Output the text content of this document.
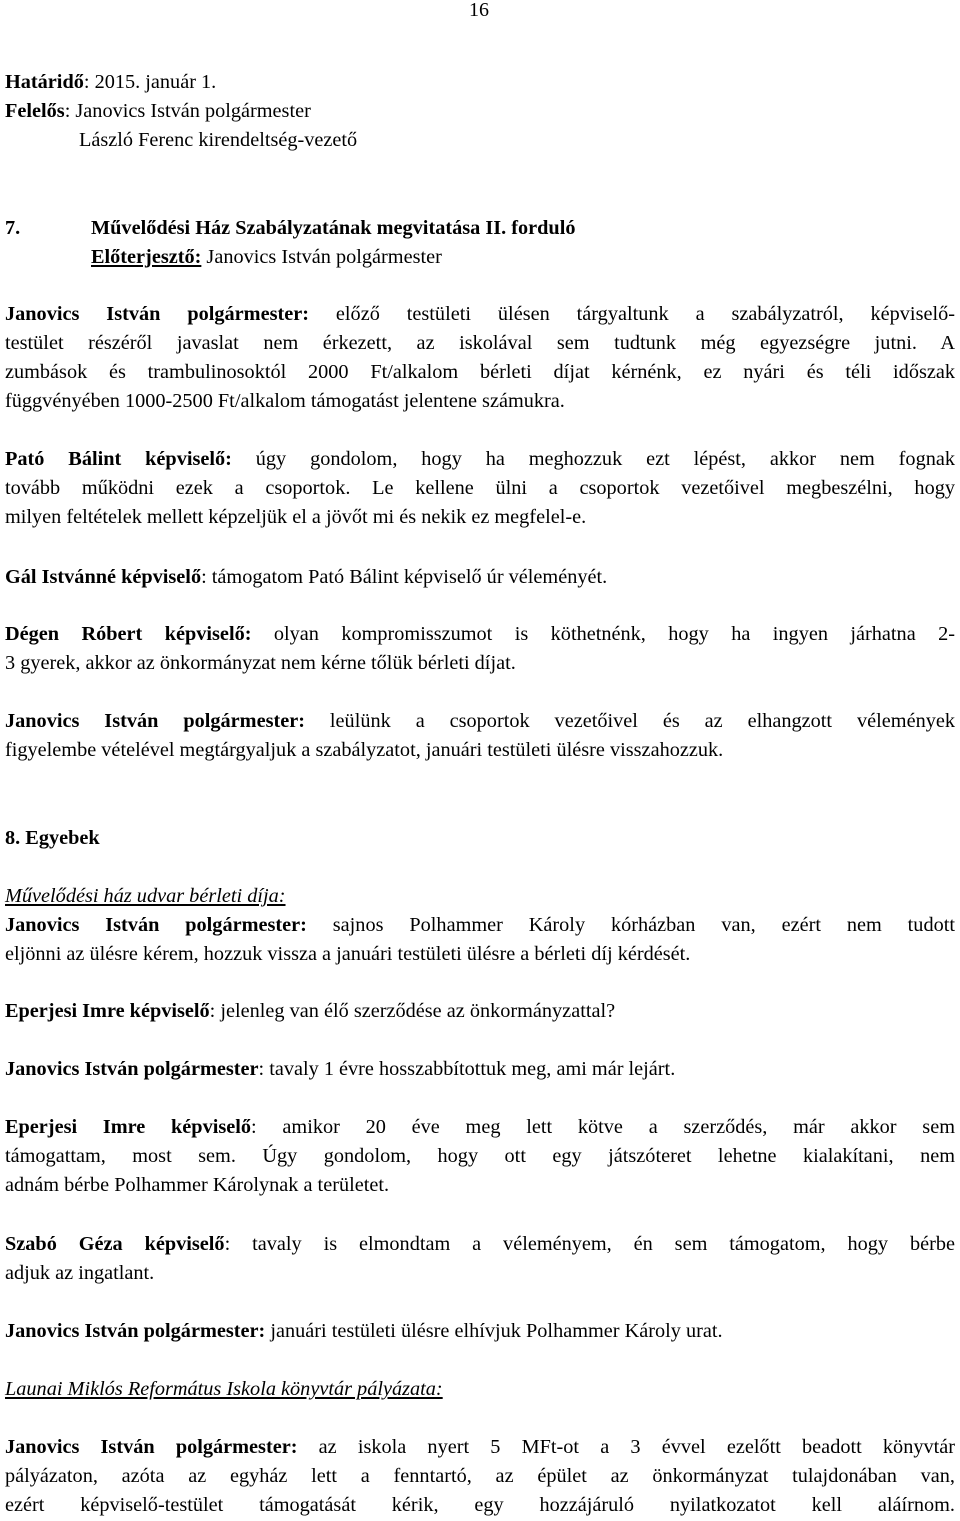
16
Határidő: 2015. január 1.
Felelős: Janovics István polgármester
László Ferenc kirendeltség-vezető
7.	Művelődési Ház Szabályzatának megvitatása II. forduló
Előterjesztő: Janovics István polgármester
Janovics István polgármester: előző testületi ülésen tárgyaltunk a szabályzatról, képviselő-
testület részéről javaslat nem érkezett, az iskolával sem tudtunk még egyezségre jutni. A
zumbások és trambulinosoktól 2000 Ft/alkalom bérleti díjat kérnénk, ez nyári és téli időszak
függvényében 1000-2500 Ft/alkalom támogatást jelentene számukra.
Pató Bálint képviselő: úgy gondolom, hogy ha meghozzuk ezt lépést, akkor nem fognak
tovább működni ezek a csoportok. Le kellene ülni a csoportok vezetőivel megbeszélni, hogy
milyen feltételek mellett képzeljük el a jövőt mi és nekik ez megfelel-e.
Gál Istvánné képviselő: támogatom Pató Bálint képviselő úr véleményét.
Dégen Róbert képviselő: olyan kompromisszumot is köthetnénk, hogy ha ingyen járhatna 2-
3 gyerek, akkor az önkormányzat nem kérne tőlük bérleti díjat.
Janovics István polgármester: leülünk a csoportok vezetőivel és az elhangzott vélemények
figyelembe vételével megtárgyaljuk a szabályzatot, januári testületi ülésre visszahozzuk.
8. Egyebek
Művelődési ház udvar bérleti díja:
Janovics István polgármester: sajnos Polhammer Károly kórházban van, ezért nem tudott
eljönni az ülésre kérem, hozzuk vissza a januári testületi ülésre a bérleti díj kérdését.
Eperjesi Imre képviselő: jelenleg van élő szerződése az önkormányzattal?
Janovics István polgármester: tavaly 1 évre hosszabbítottuk meg, ami már lejárt.
Eperjesi Imre képviselő: amikor 20 éve meg lett kötve a szerződés, már akkor sem
támogattam, most sem. Úgy gondolom, hogy ott egy játszóteret lehetne kialakítani, nem
adnám bérbe Polhammer Károlynak a területet.
Szabó Géza képviselő: tavaly is elmondtam a véleményem, én sem támogatom, hogy bérbe
adjuk az ingatlant.
Janovics István polgármester: januári testületi ülésre elhívjuk Polhammer Károly urat.
Launai Miklós Református Iskola könyvtár pályázata:
Janovics István polgármester: az iskola nyert 5 MFt-ot a 3 évvel ezelőtt beadott könyvtár
pályázaton, azóta az egyház lett a fenntartó, az épület az önkormányzat tulajdonában van,
ezért képviselő-testület támogatását kérik, egy hozzájáruló nyilatkozatot kell aláírnom.
